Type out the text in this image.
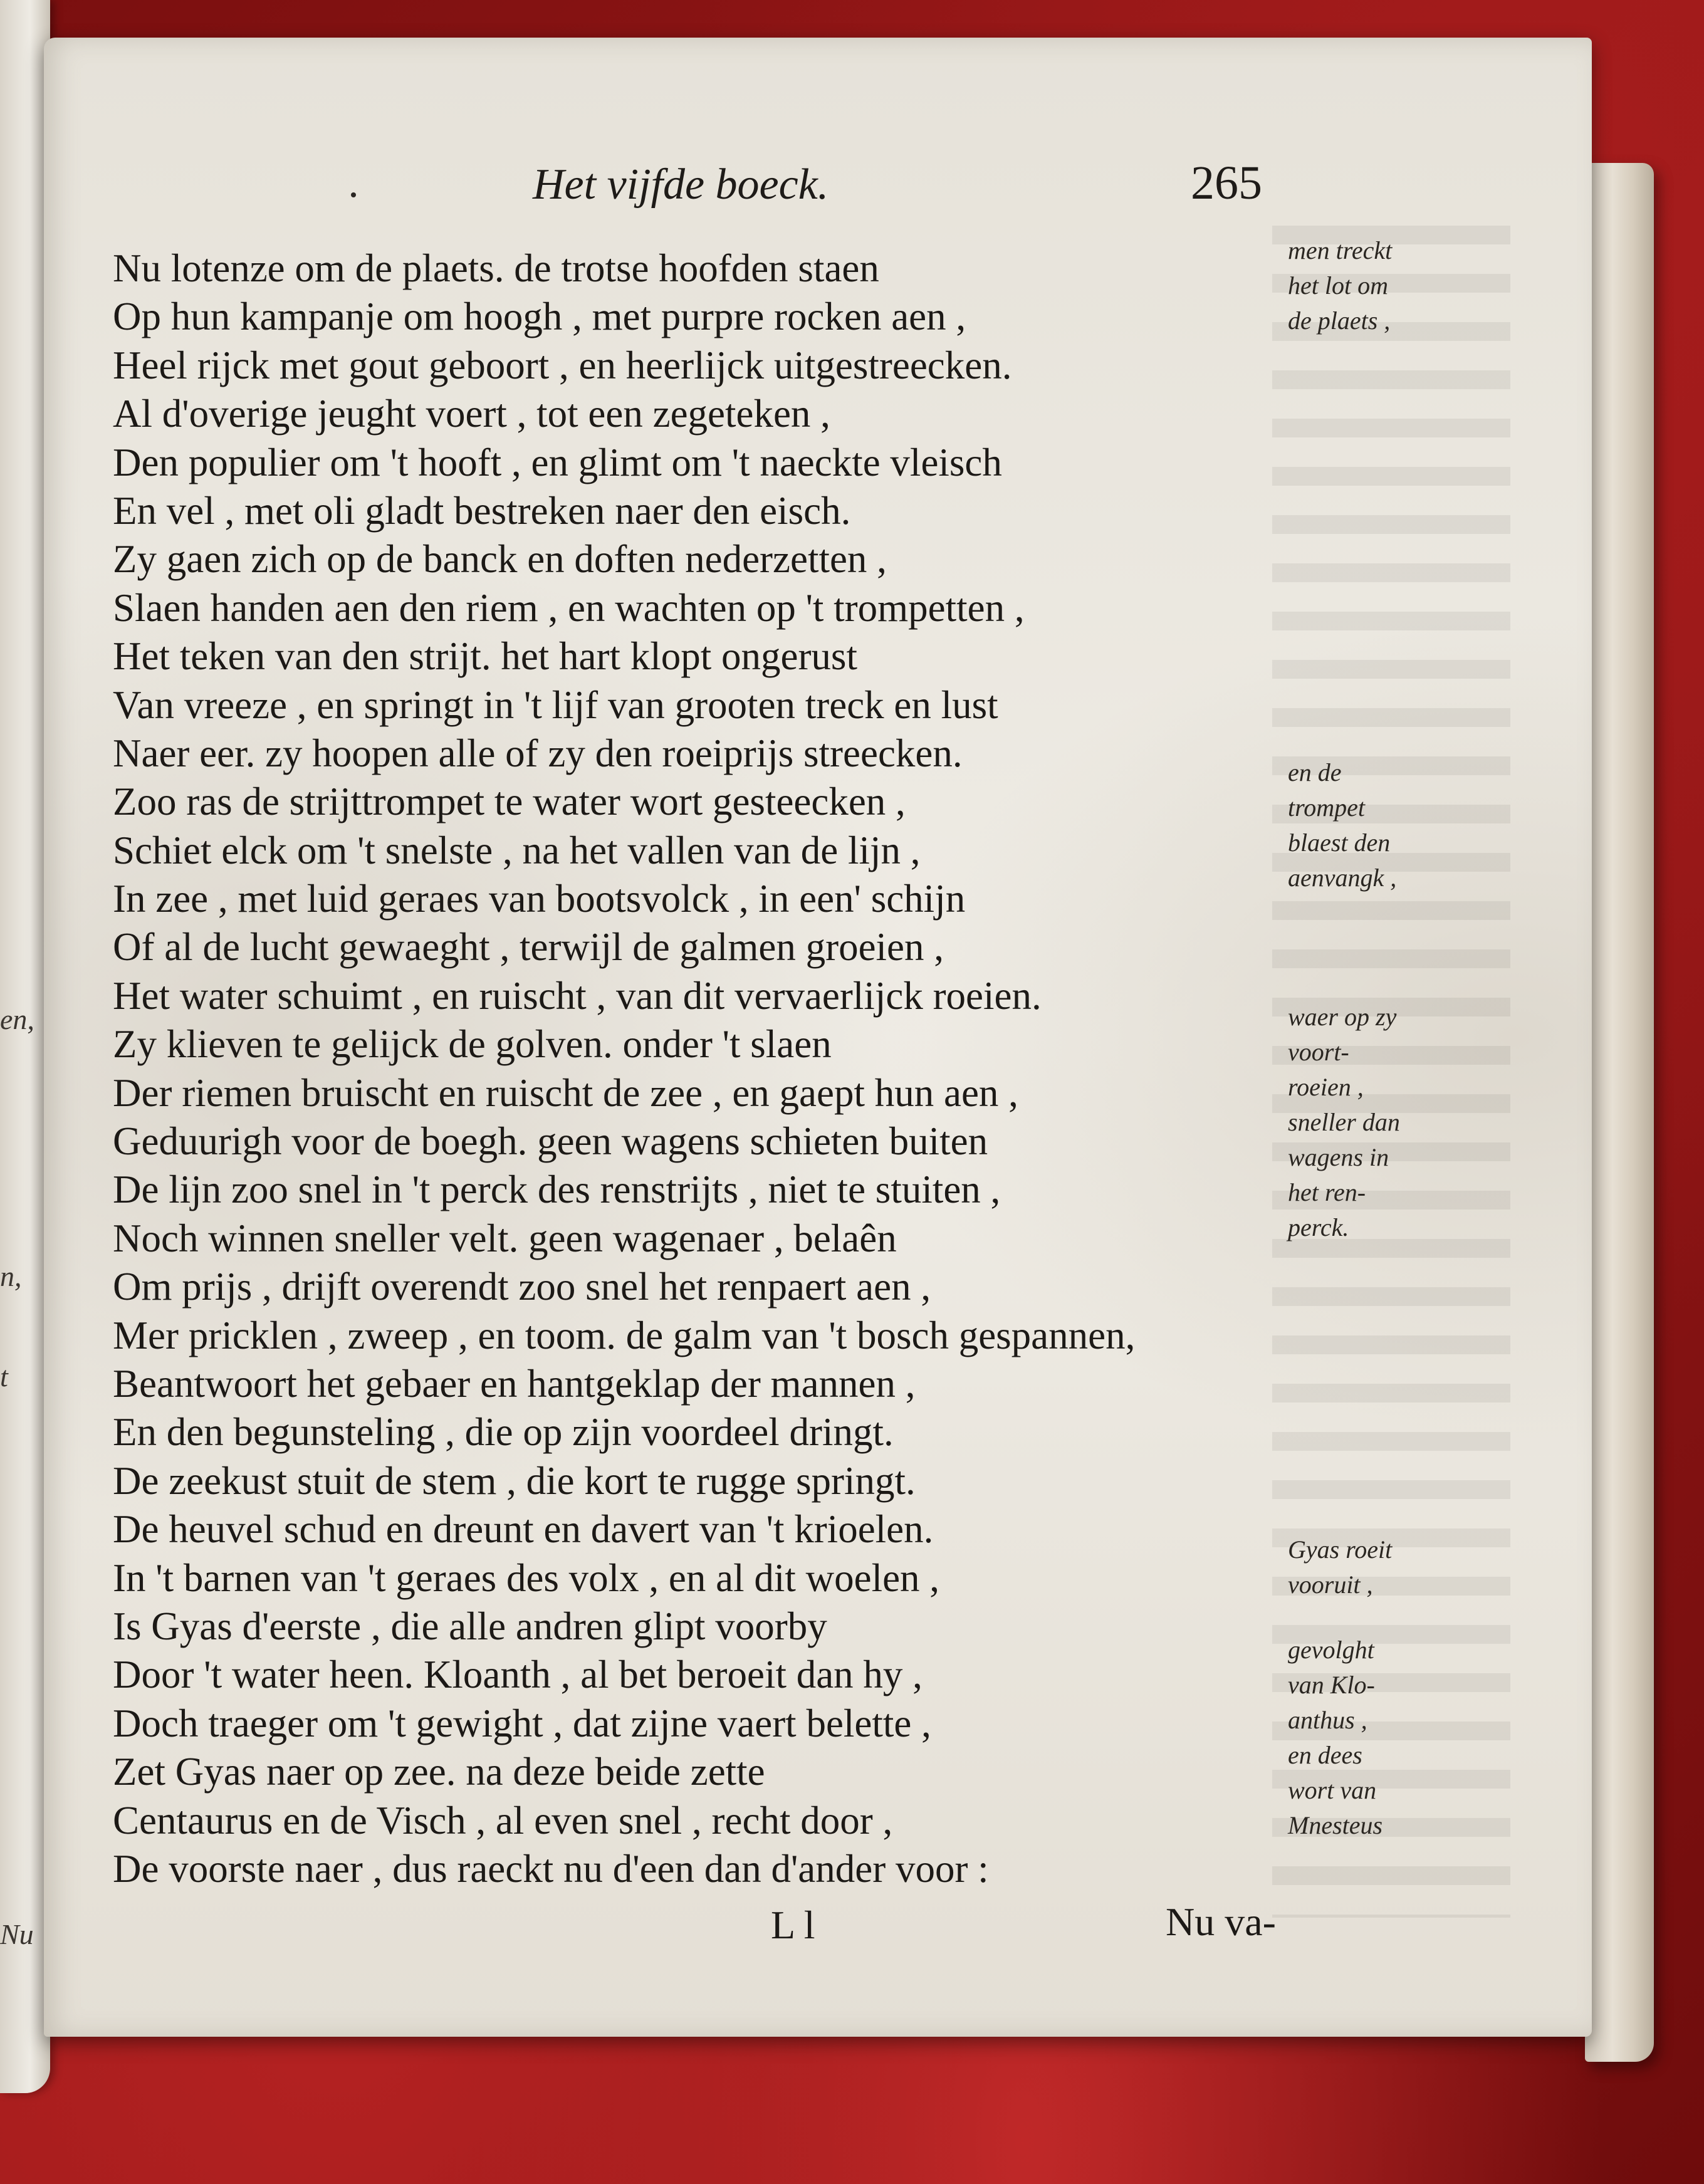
en,
n,
t
Nu
Het vijfde boeck.	265
Nu lotenze om de plaets. de trotse hoofden staen
Op hun kampanje om hoogh , met purpre rocken aen ,
Heel rijck met gout geboort , en heerlijck uitgestreecken.
Al d'overige jeught voert , tot een zegeteken ,
Den populier om 't hooft , en glimt om 't naeckte vleisch
En vel , met oli gladt bestreken naer den eisch.
Zy gaen zich op de banck en doften nederzetten ,
Slaen handen aen den riem , en wachten op 't trompetten ,
Het teken van den strijt. het hart klopt ongerust
Van vreeze , en springt in 't lijf van grooten treck en lust
Naer eer. zy hoopen alle of zy den roeiprijs streecken.
Zoo ras de strijttrompet te water wort gesteecken ,
Schiet elck om 't snelste , na het vallen van de lijn ,
In zee , met luid geraes van bootsvolck , in een' schijn
Of al de lucht gewaeght , terwijl de galmen groeien ,
Het water schuimt , en ruischt , van dit vervaerlijck roeien.
Zy klieven te gelijck de golven. onder 't slaen
Der riemen bruischt en ruischt de zee , en gaept hun aen ,
Geduurigh voor de boegh. geen wagens schieten buiten
De lijn zoo snel in 't perck des renstrijts , niet te stuiten ,
Noch winnen sneller velt. geen wagenaer , belaên
Om prijs , drijft overendt zoo snel het renpaert aen ,
Mer pricklen , zweep , en toom. de galm van 't bosch gespannen,
Beantwoort het gebaer en hantgeklap der mannen ,
En den begunsteling , die op zijn voordeel dringt.
De zeekust stuit de stem , die kort te rugge springt.
De heuvel schud en dreunt en davert van 't krioelen.
In 't barnen van 't geraes des volx , en al dit woelen ,
Is Gyas d'eerste , die alle andren glipt voorby
Door 't water heen. Kloanth , al bet beroeit dan hy ,
Doch traeger om 't gewight , dat zijne vaert belette ,
Zet Gyas naer op zee. na deze beide zette
Centaurus en de Visch , al even snel , recht door ,
De voorste naer , dus raeckt nu d'een dan d'ander voor :
men treckt
het lot om
de plaets ,
en de
trompet
blaest den
aenvangk ,
waer op zy
voort-
roeien ,
sneller dan
wagens in
het ren-
perck.
Gyas roeit
vooruit ,
gevolght
van Klo-
anthus ,
en dees
wort van
Mnesteus
L l	Nu va-
